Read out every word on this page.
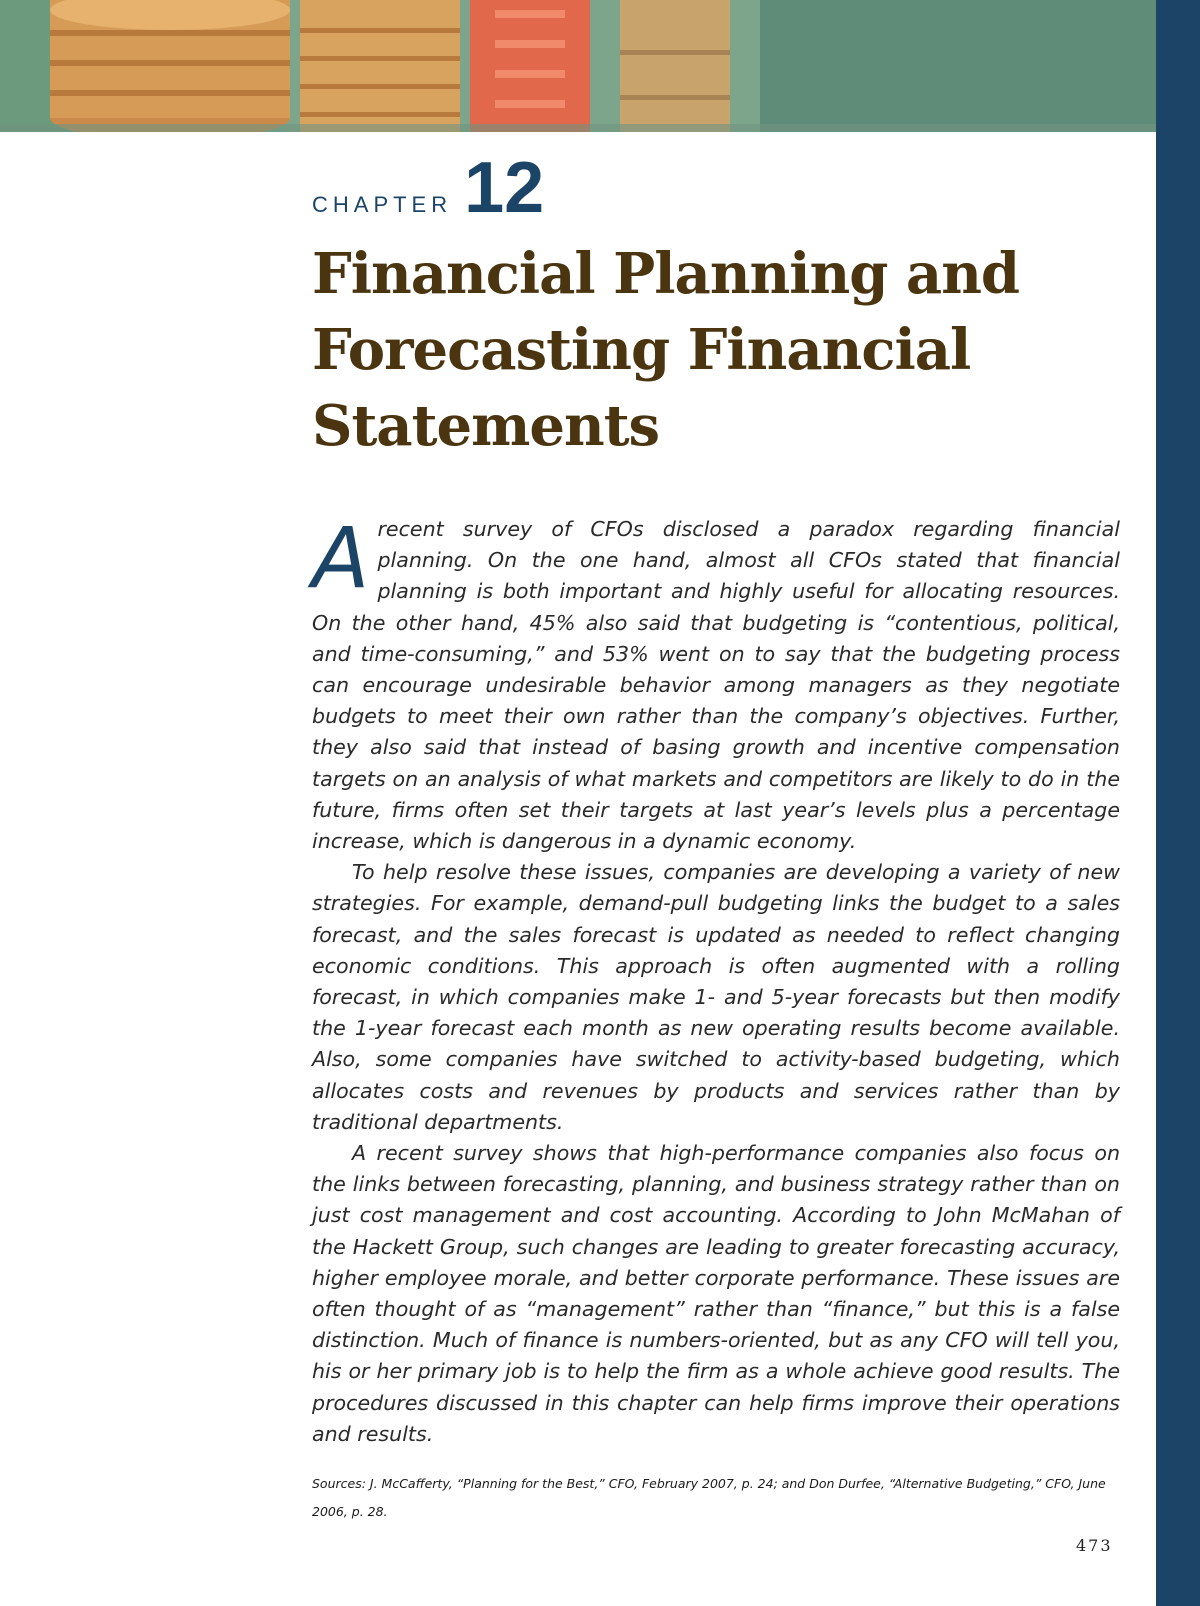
CHAPTER 12
Financial Planning and Forecasting Financial Statements

Arecent survey of CFOs disclosed a paradox regarding financial planning. On the one hand, almost all CFOs stated that financial planning is both important and highly useful for allocating resources. On the other hand, 45% also said that budgeting is “contentious, political, and time-consuming,” and 53% went on to say that the budgeting process can encourage undesirable behavior among managers as they negotiate budgets to meet their own rather than the company’s objectives. Further, they also said that instead of basing growth and incentive compensation targets on an analysis of what markets and competitors are likely to do in the future, firms often set their targets at last year’s levels plus a percentage increase, which is dangerous in a dynamic economy.

To help resolve these issues, companies are developing a variety of new strategies. For example, demand-pull budgeting links the budget to a sales forecast, and the sales forecast is updated as needed to reflect changing economic conditions. This approach is often augmented with a rolling forecast, in which companies make 1- and 5-year forecasts but then modify the 1-year forecast each month as new operating results become available. Also, some companies have switched to activity-based budgeting, which allocates costs and revenues by products and services rather than by traditional departments.

A recent survey shows that high-performance companies also focus on the links between forecasting, planning, and business strategy rather than on just cost management and cost accounting. According to John McMahan of the Hackett Group, such changes are leading to greater forecasting accuracy, higher employee morale, and better corporate performance. These issues are often thought of as “management” rather than “finance,” but this is a false distinction. Much of finance is numbers-oriented, but as any CFO will tell you, his or her primary job is to help the firm as a whole achieve good results. The procedures discussed in this chapter can help firms improve their operations and results.

Sources: J. McCafferty, “Planning for the Best,” CFO, February 2007, p. 24; and Don Durfee, “Alternative Budgeting,” CFO, June 2006, p. 28.
473
